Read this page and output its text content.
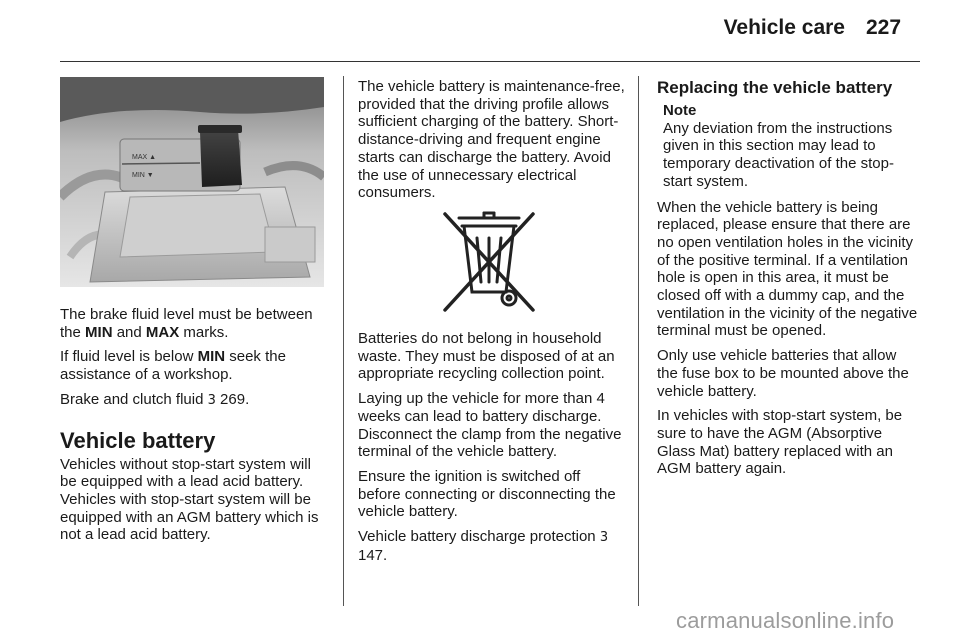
Vehicle care 227
MAX ▲
MIN ▼

The brake fluid level must be between the MIN and MAX marks.

If fluid level is below MIN seek the assistance of a workshop.

Brake and clutch fluid 3 269.

Vehicle battery

Vehicles without stop-start system will be equipped with a lead acid battery. Vehicles with stop-start system will be equipped with an AGM battery which is not a lead acid battery.

The vehicle battery is maintenance-free, provided that the driving profile allows sufficient charging of the battery. Short-distance-driving and frequent engine starts can discharge the battery. Avoid the use of unnecessary electrical consumers.

Batteries do not belong in household waste. They must be disposed of at an appropriate recycling collection point.

Laying up the vehicle for more than 4 weeks can lead to battery discharge. Disconnect the clamp from the negative terminal of the vehicle battery.

Ensure the ignition is switched off before connecting or disconnecting the vehicle battery.

Vehicle battery discharge protection 3 147.

Replacing the vehicle battery
Note
Any deviation from the instructions given in this section may lead to temporary deactivation of the stop-start system.

When the vehicle battery is being replaced, please ensure that there are no open ventilation holes in the vicinity of the positive terminal. If a ventilation hole is open in this area, it must be closed off with a dummy cap, and the ventilation in the vicinity of the negative terminal must be opened.

Only use vehicle batteries that allow the fuse box to be mounted above the vehicle battery.

In vehicles with stop-start system, be sure to have the AGM (Absorptive Glass Mat) battery replaced with an AGM battery again.

carmanualsonline.info
